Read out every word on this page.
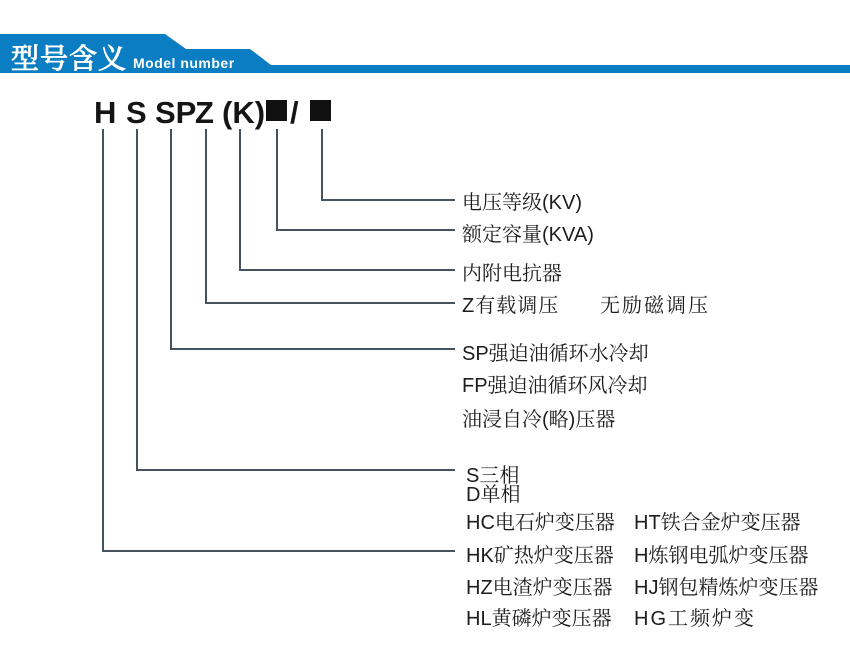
型号含义 Model number
H S SP
Z (K) /
电压等级(KV)
额定容量(KVA)
内附电抗器
Z有载调压 无励磁调压
SP强迫油循环水冷却
FP强迫油循环风冷却
油浸自冷(略)压器
S三相
D单相
HC电石炉变压器 HT铁合金炉变压器
HK矿热炉变压器 H炼钢电弧炉变压器
HZ电渣炉变压器 HJ钢包精炼炉变压器
HL黄磷炉变压器 HG工频炉变
